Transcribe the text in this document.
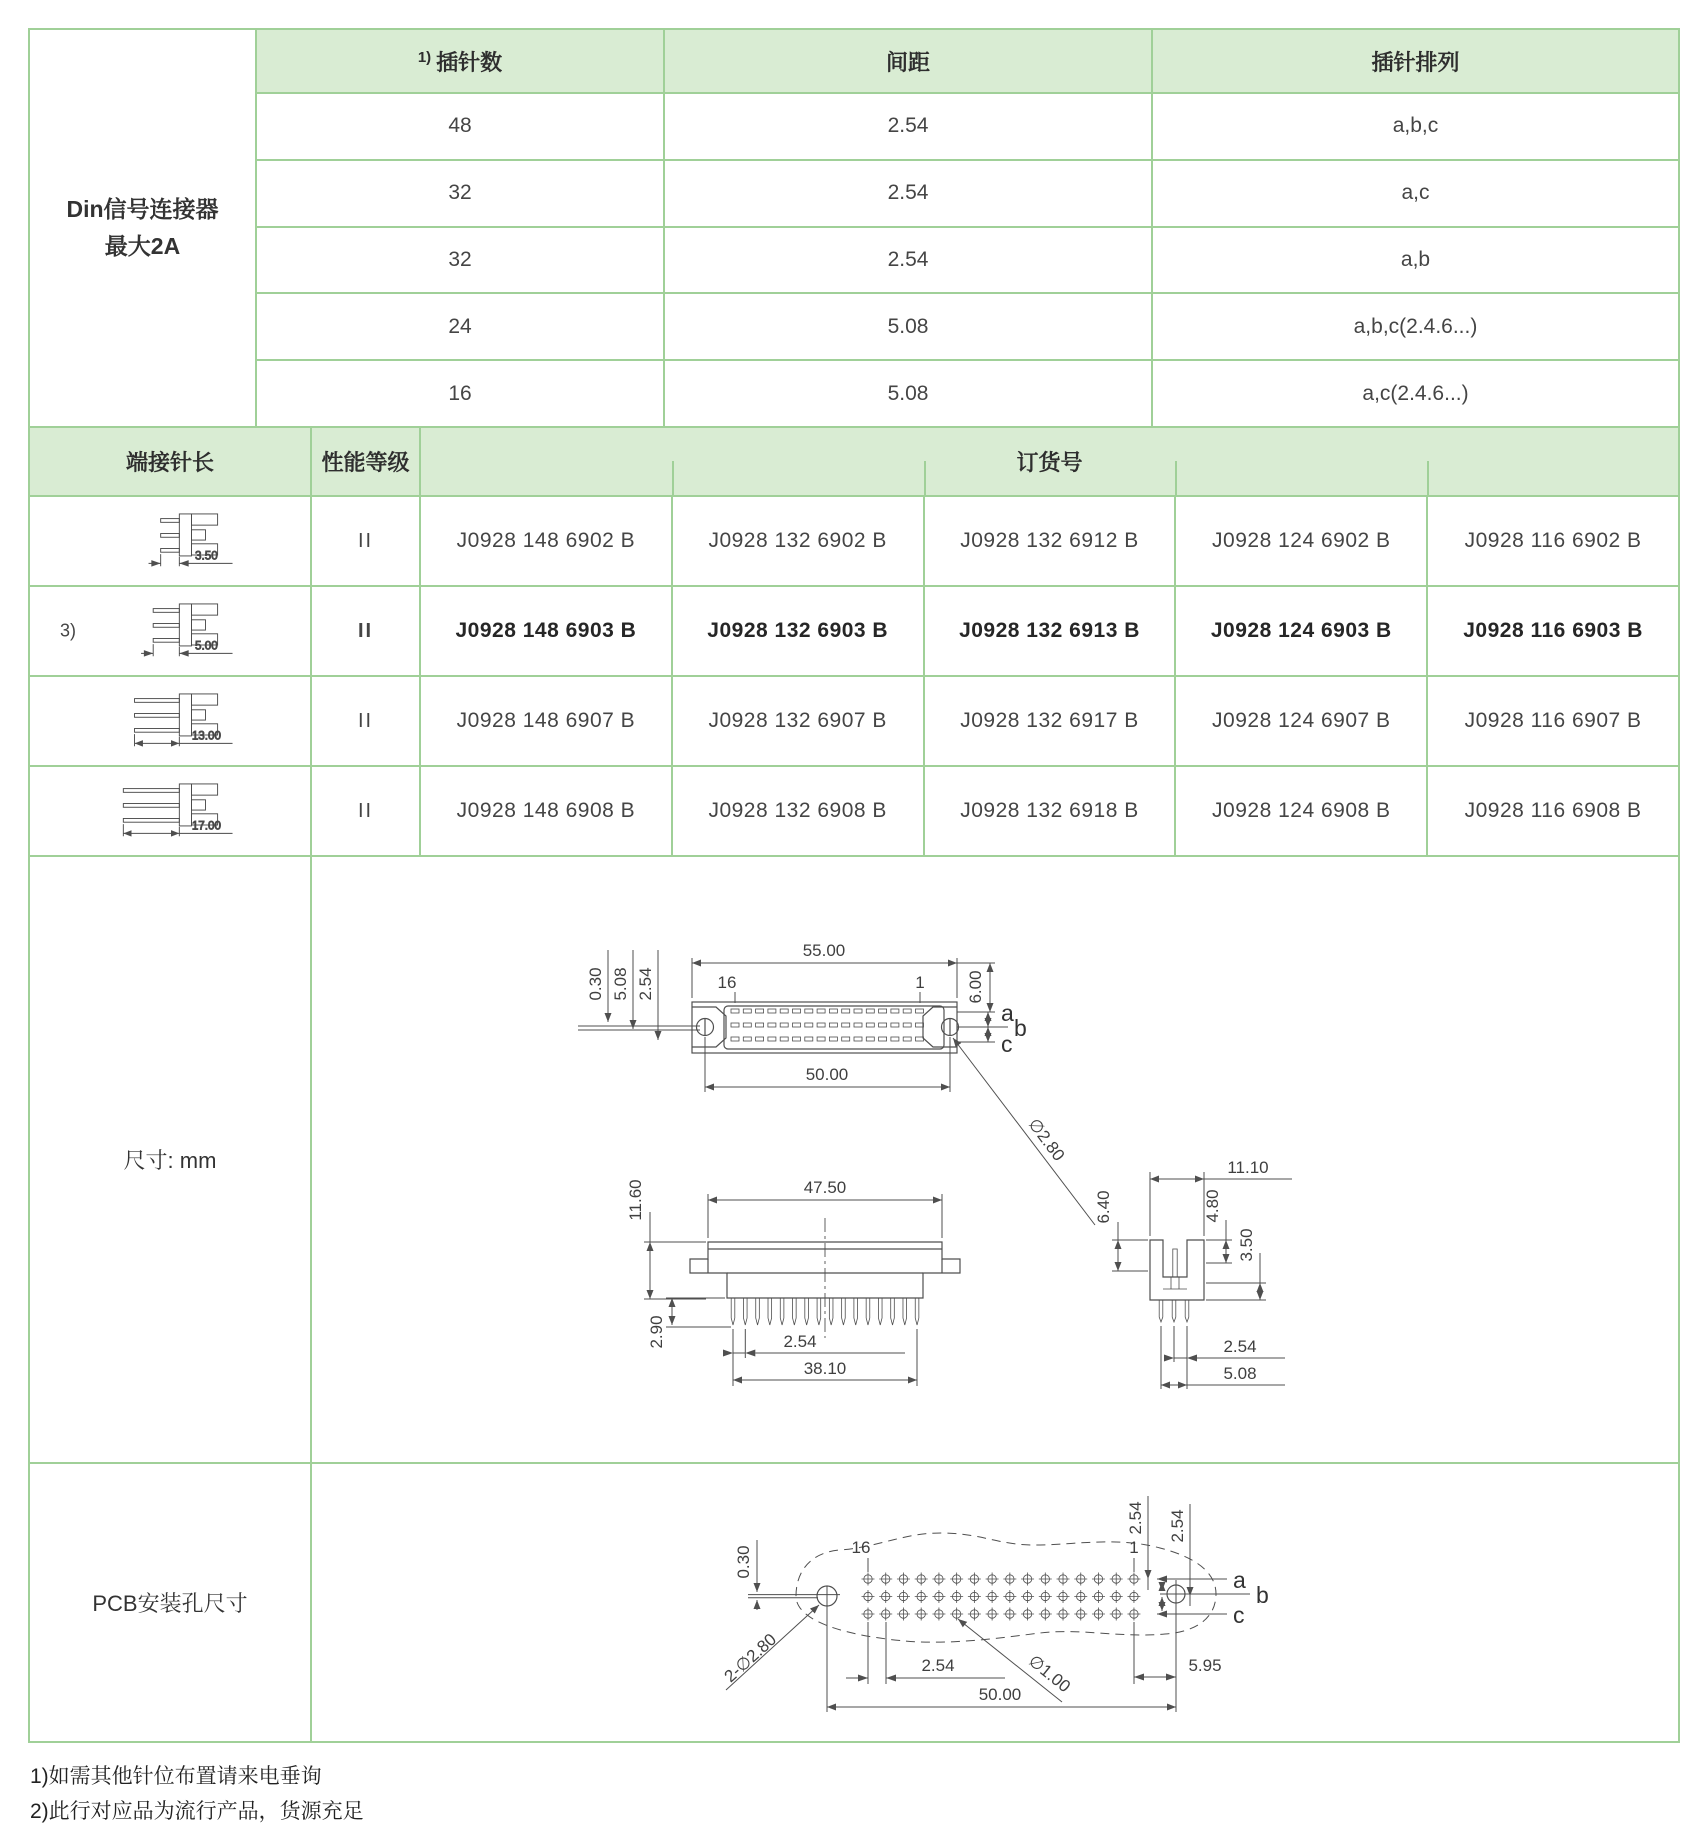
Din信号连接器
最大2A
1) 插针数	间距	插针排列
48	2.54	a,b,c
32	2.54	a,c
32	2.54	a,b
24	5.08	a,b,c(2.4.6...)
16	5.08	a,c(2.4.6...)
端接针长	性能等级	订货号
3.50
II	J0928 148 6902 B	J0928 132 6902 B	J0928 132 6912 B	J0928 124 6902 B	J0928 116 6902 B
3)
5.00
II	J0928 148 6903 B	J0928 132 6903 B	J0928 132 6913 B	J0928 124 6903 B	J0928 116 6903 B
13.00
II	J0928 148 6907 B	J0928 132 6907 B	J0928 132 6917 B	J0928 124 6907 B	J0928 116 6907 B
17.00
II	J0928 148 6908 B	J0928 132 6908 B	J0928 132 6918 B	J0928 124 6908 B	J0928 116 6908 B
尺寸: mm
PCB安装孔尺寸
55.00
16	1
0.30 5.08 2.54
50.00
a
b
c
6.00
∅2.80
11.60	47.50
2.90	2.54
38.10
11.10
6.40	4.80
3.50
2.54
5.08
0.30	16	1
2.54 2.54
a
b
c
2.54	∅1.00
2-∅2.80
50.00
5.95
1)如需其他针位布置请来电垂询
2)此行对应品为流行产品，货源充足
